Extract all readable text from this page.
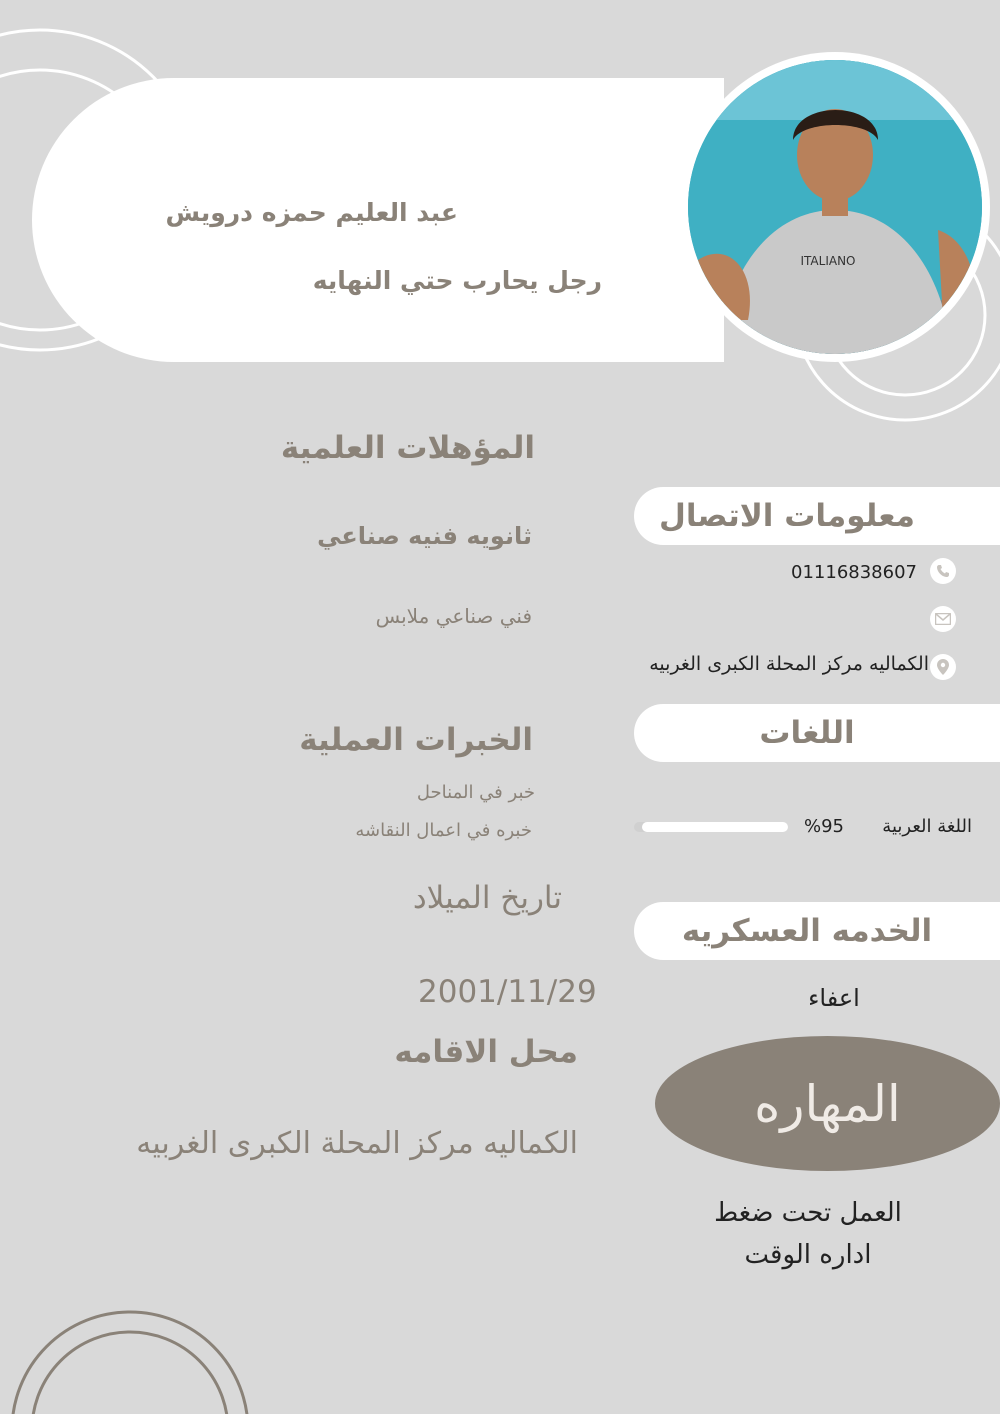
عبد العليم حمزه درويش
رجل يحارب حتي النهايه
ITALIANO
معلومات الاتصال
01116838607
الكماليه مركز المحلة الكبرى الغربيه
اللغات
اللغة العربية
%95
الخدمه العسكريه
اعفاء
المهاره
العمل تحت ضغط
اداره الوقت
المؤهلات العلمية
ثانويه فنيه صناعي
فني صناعي ملابس
الخبرات العملية
خبر في المناحل
خبره في اعمال النقاشه
تاريخ الميلاد
2001/11/29
محل الاقامه
الكماليه مركز المحلة الكبرى الغربيه
